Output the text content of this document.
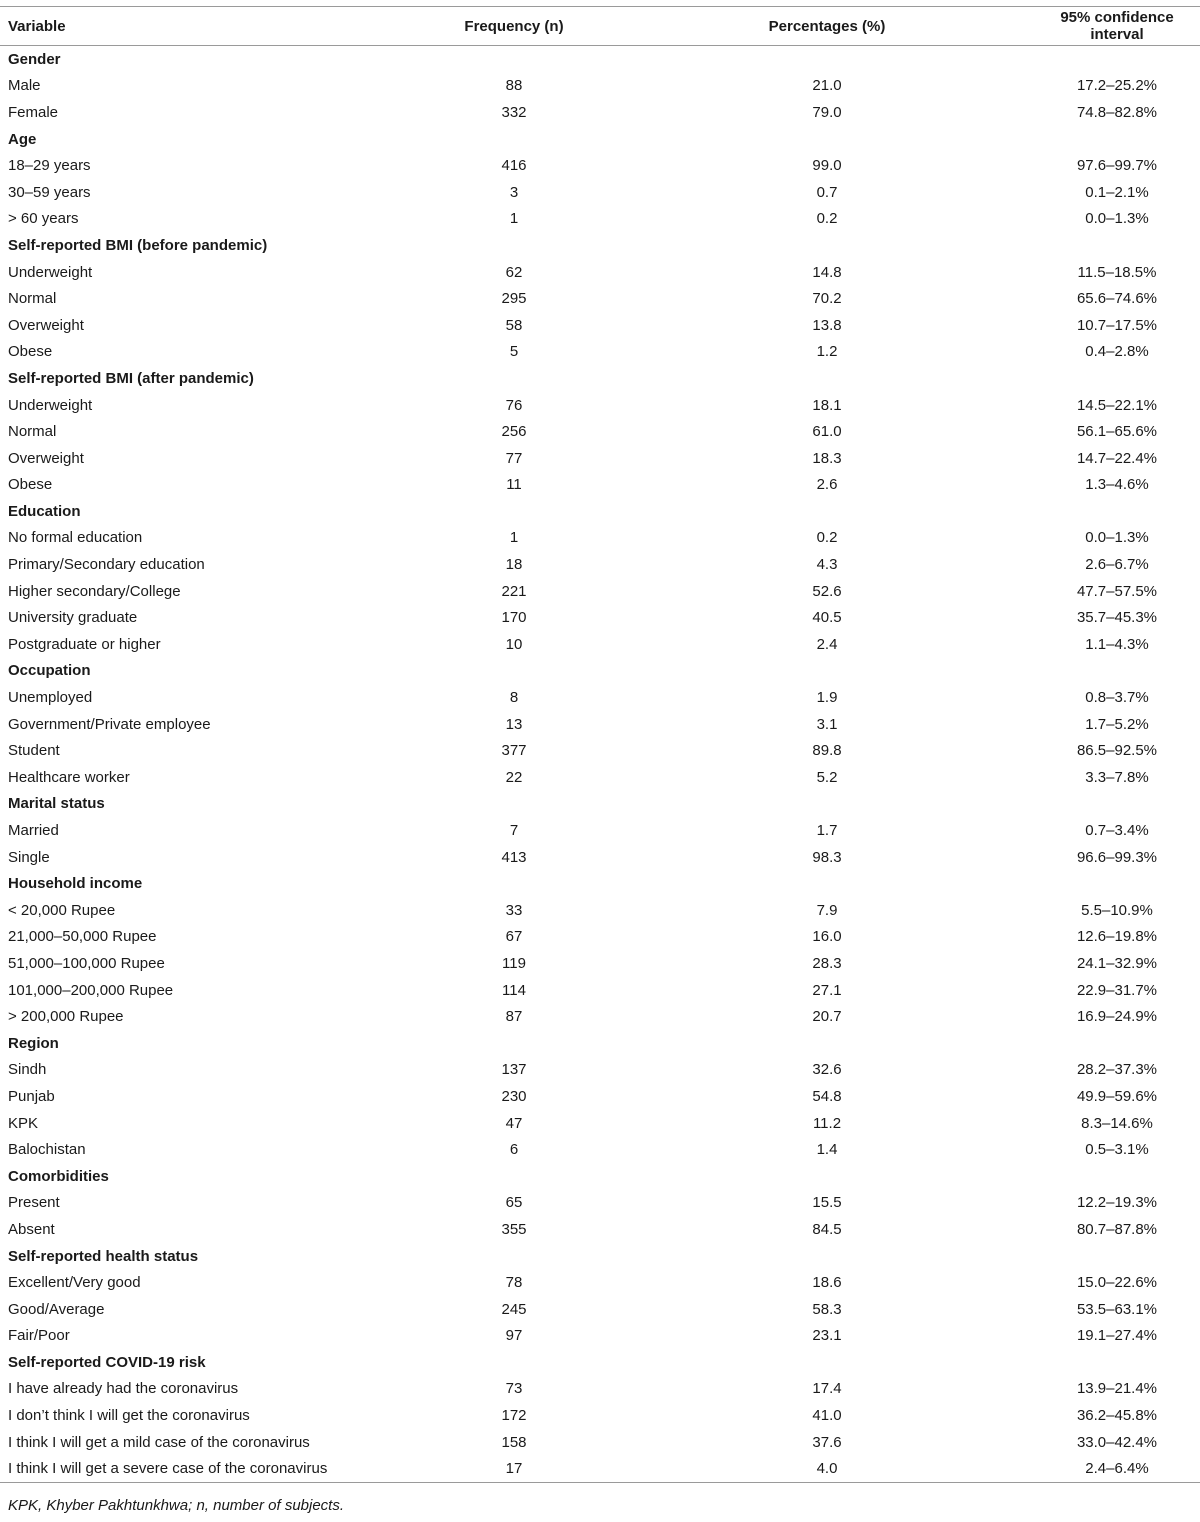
Variable	Frequency (n)	Percentages (%)	95% confidence interval
Gender			
Male	88	21.0	17.2–25.2%
Female	332	79.0	74.8–82.8%
Age			
18–29 years	416	99.0	97.6–99.7%
30–59 years	3	0.7	0.1–2.1%
> 60 years	1	0.2	0.0–1.3%
Self-reported BMI (before pandemic)			
Underweight	62	14.8	11.5–18.5%
Normal	295	70.2	65.6–74.6%
Overweight	58	13.8	10.7–17.5%
Obese	5	1.2	0.4–2.8%
Self-reported BMI (after pandemic)			
Underweight	76	18.1	14.5–22.1%
Normal	256	61.0	56.1–65.6%
Overweight	77	18.3	14.7–22.4%
Obese	11	2.6	1.3–4.6%
Education			
No formal education	1	0.2	0.0–1.3%
Primary/Secondary education	18	4.3	2.6–6.7%
Higher secondary/College	221	52.6	47.7–57.5%
University graduate	170	40.5	35.7–45.3%
Postgraduate or higher	10	2.4	1.1–4.3%
Occupation			
Unemployed	8	1.9	0.8–3.7%
Government/Private employee	13	3.1	1.7–5.2%
Student	377	89.8	86.5–92.5%
Healthcare worker	22	5.2	3.3–7.8%
Marital status			
Married	7	1.7	0.7–3.4%
Single	413	98.3	96.6–99.3%
Household income			
< 20,000 Rupee	33	7.9	5.5–10.9%
21,000–50,000 Rupee	67	16.0	12.6–19.8%
51,000–100,000 Rupee	119	28.3	24.1–32.9%
101,000–200,000 Rupee	114	27.1	22.9–31.7%
> 200,000 Rupee	87	20.7	16.9–24.9%
Region			
Sindh	137	32.6	28.2–37.3%
Punjab	230	54.8	49.9–59.6%
KPK	47	11.2	8.3–14.6%
Balochistan	6	1.4	0.5–3.1%
Comorbidities			
Present	65	15.5	12.2–19.3%
Absent	355	84.5	80.7–87.8%
Self-reported health status			
Excellent/Very good	78	18.6	15.0–22.6%
Good/Average	245	58.3	53.5–63.1%
Fair/Poor	97	23.1	19.1–27.4%
Self-reported COVID-19 risk			
I have already had the coronavirus	73	17.4	13.9–21.4%
I don’t think I will get the coronavirus	172	41.0	36.2–45.8%
I think I will get a mild case of the coronavirus	158	37.6	33.0–42.4%
I think I will get a severe case of the coronavirus	17	4.0	2.4–6.4%
KPK, Khyber Pakhtunkhwa; n, number of subjects.
